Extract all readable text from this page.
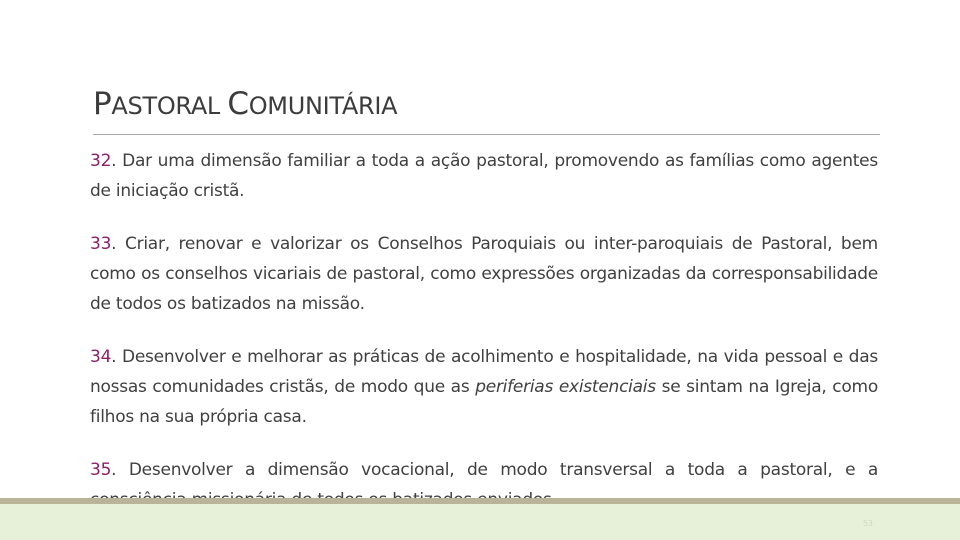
PASTORAL COMUNITÁRIA

32. Dar uma dimensão familiar a toda a ação pastoral, promovendo as famílias como agentes de iniciação cristã.

33. Criar, renovar e valorizar os Conselhos Paroquiais ou inter-paroquiais de Pastoral, bem como os conselhos vicariais de pastoral, como expressões organizadas da corresponsabilidade de todos os batizados na missão.

34. Desenvolver e melhorar as práticas de acolhimento e hospitalidade, na vida pessoal e das nossas comunidades cristãs, de modo que as periferias existenciais se sintam na Igreja, como filhos na sua própria casa.

35. Desenvolver a dimensão vocacional, de modo transversal a toda a pastoral, e a

53
